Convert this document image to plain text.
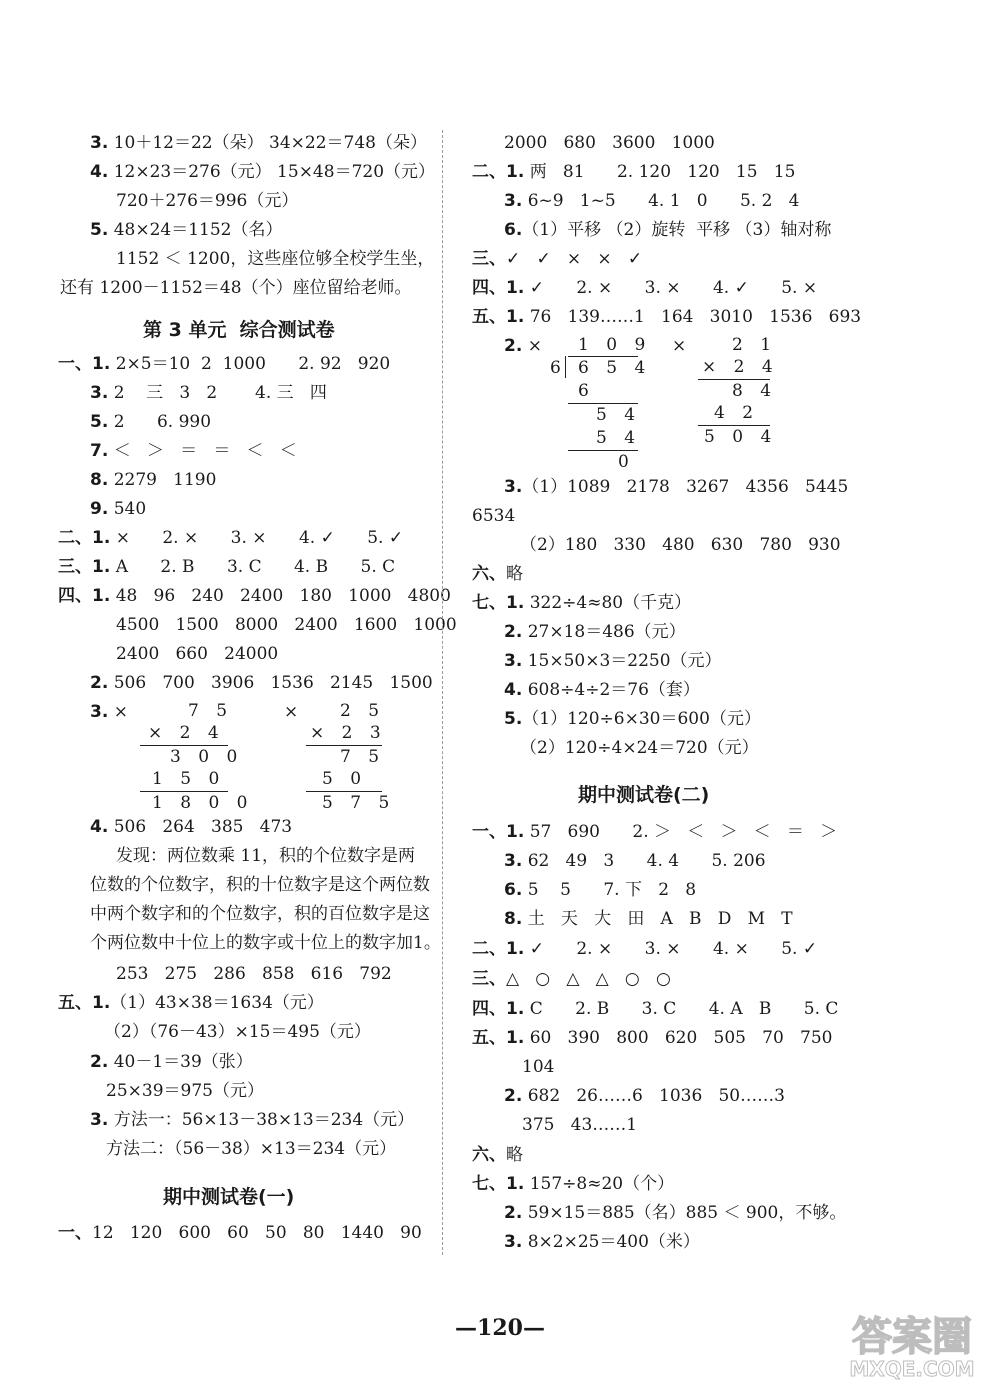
3. 10＋12＝22（朵） 34×22＝748（朵）
4. 12×23＝276（元） 15×48＝720（元）
720＋276＝996（元）
5. 48×24＝1152（名）
1152 ＜ 1200，这些座位够全校学生坐，
还有 1200－1152＝48（个）座位留给老师。
第 3 单元  综合测试卷
一、1. 2×5＝10  2  1000      2. 92   920
3. 2    三   3   2       4. 三   四
5. 2      6. 990
7. ＜   ＞   ＝   ＝   ＜   ＜
8. 2279   1190
9. 540
二、1. ×      2. ×      3. ×      4. ✓      5. ✓
三、1. A      2. B      3. C      4. B      5. C
四、1. 48   96   240   2400   180   1000   4800
4500   1500   8000   2400   1600   1000
2400   660   24000
2. 506   700   3906   1536   2145   1500
3. ×	×
7 5
× 2 4
3 0 0
1 5 0
1 8 0 0
2 5
× 2 3
7 5
5 0
5 7 5
4. 506   264   385   473
发现：两位数乘 11，积的个位数字是两
位数的个位数字，积的十位数字是这个两位数
中两个数字和的个位数字，积的百位数字是这
个两位数中十位上的数字或十位上的数字加1。
253   275   286   858   616   792
五、1.（1）43×38＝1634（元）
（2）（76－43）×15＝495（元）
2. 40－1＝39（张）
25×39＝975（元）
3. 方法一：56×13－38×13＝234（元）
方法二：（56－38）×13＝234（元）
期中测试卷(一)
一、12   120   600   60   50   80   1440   90
2000   680   3600   1000
二、1. 两   81      2. 120   120   15   15
3. 6~9   1~5      4. 1   0      5. 2   4
6.（1）平移 （2）旋转  平移 （3）轴对称
三、✓   ✓   ×   ×   ✓
四、1. ✓      2. ×      3. ×      4. ✓      5. ×
五、1. 76   139……1   164   3010   1536   693
2. ×	×
1 0 9
6 6 5 4
6
5 4
5 4
0
2 1
× 2 4
8 4
4 2
5 0 4
3.（1）1089   2178   3267   4356   5445
6534
（2）180   330   480   630   780   930
六、略
七、1. 322÷4≈80（千克）
2. 27×18＝486（元）
3. 15×50×3＝2250（元）
4. 608÷4÷2＝76（套）
5.（1）120÷6×30＝600（元）
（2）120÷4×24＝720（元）
期中测试卷(二)
一、1. 57   690      2. ＞   ＜   ＞   ＜   ＝   ＞
3. 62   49   3      4. 4      5. 206
6. 5    5      7. 下   2   8
8. 土   天   大   田   A   B   D   M   T
二、1. ✓      2. ×      3. ×      4. ×      5. ✓
三、△   ○   △   △   ○   ○
四、1. C      2. B      3. C      4. A   B      5. C
五、1. 60   390   800   620   505   70   750
104
2. 682   26……6   1036   50……3
375   43……1
六、略
七、1. 157÷8≈20（个）
2. 59×15＝885（名）885 ＜ 900，不够。
3. 8×2×25＝400（米）
—120—	答案圈
MXQE.COM
